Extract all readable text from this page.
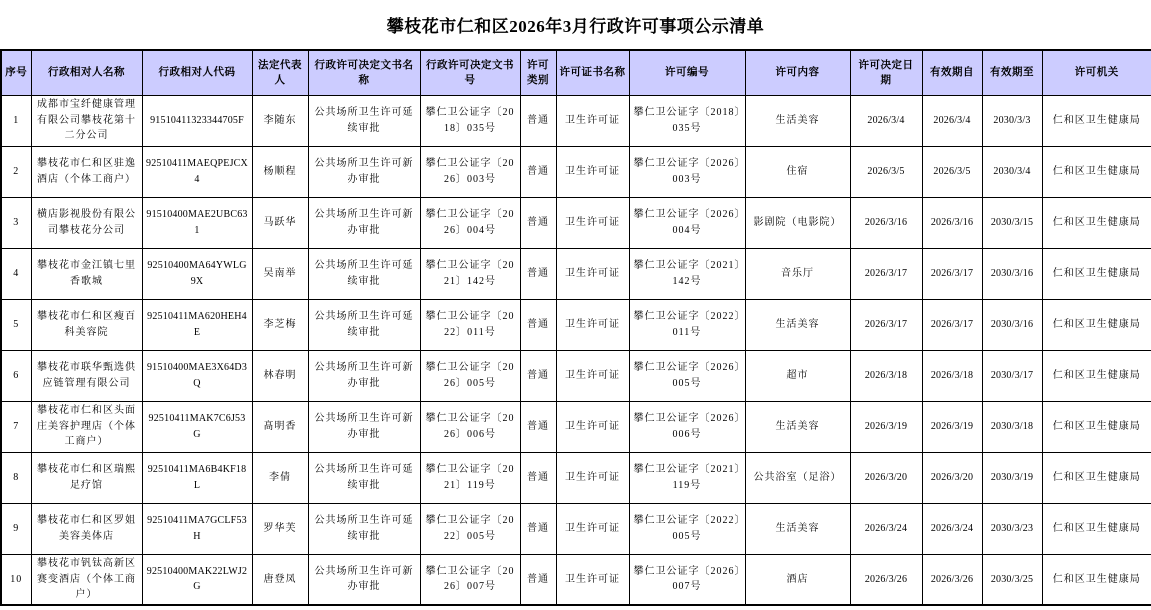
攀枝花市仁和区2026年3月行政许可事项公示清单
序号	行政相对人名称	行政相对人代码	法定代表人	行政许可决定文书名称	行政许可决定文书号	许可类别	许可证书名称	许可编号	许可内容	许可决定日期	有效期自	有效期至	许可机关
1	成都市宝纤健康管理有限公司攀枝花第十二分公司	91510411323344705F	李随东	公共场所卫生许可延续审批	攀仁卫公证字〔2018〕035号	普通	卫生许可证	攀仁卫公证字〔2018〕035号	生活美容	2026/3/4	2026/3/4	2030/3/3	仁和区卫生健康局
2	攀枝花市仁和区驻逸酒店（个体工商户）	92510411MAEQPEJCX4	杨顺程	公共场所卫生许可新办审批	攀仁卫公证字〔2026〕003号	普通	卫生许可证	攀仁卫公证字〔2026〕003号	住宿	2026/3/5	2026/3/5	2030/3/4	仁和区卫生健康局
3	横店影视股份有限公司攀枝花分公司	91510400MAE2UBC631	马跃华	公共场所卫生许可新办审批	攀仁卫公证字〔2026〕004号	普通	卫生许可证	攀仁卫公证字〔2026〕004号	影剧院（电影院）	2026/3/16	2026/3/16	2030/3/15	仁和区卫生健康局
4	攀枝花市金江镇七里香歌城	92510400MA64YWLG9X	吴南举	公共场所卫生许可延续审批	攀仁卫公证字〔2021〕142号	普通	卫生许可证	攀仁卫公证字〔2021〕142号	音乐厅	2026/3/17	2026/3/17	2030/3/16	仁和区卫生健康局
5	攀枝花市仁和区瘦百科美容院	92510411MA620HEH4E	李芝梅	公共场所卫生许可延续审批	攀仁卫公证字〔2022〕011号	普通	卫生许可证	攀仁卫公证字〔2022〕011号	生活美容	2026/3/17	2026/3/17	2030/3/16	仁和区卫生健康局
6	攀枝花市联华甄选供应链管理有限公司	91510400MAE3X64D3Q	林春明	公共场所卫生许可新办审批	攀仁卫公证字〔2026〕005号	普通	卫生许可证	攀仁卫公证字〔2026〕005号	超市	2026/3/18	2026/3/18	2030/3/17	仁和区卫生健康局
7	攀枝花市仁和区头面庄美容护理店（个体工商户）	92510411MAK7C6J53G	髙明香	公共场所卫生许可新办审批	攀仁卫公证字〔2026〕006号	普通	卫生许可证	攀仁卫公证字〔2026〕006号	生活美容	2026/3/19	2026/3/19	2030/3/18	仁和区卫生健康局
8	攀枝花市仁和区瑞熙足疗馆	92510411MA6B4KF18L	李倩	公共场所卫生许可延续审批	攀仁卫公证字〔2021〕119号	普通	卫生许可证	攀仁卫公证字〔2021〕119号	公共浴室（足浴）	2026/3/20	2026/3/20	2030/3/19	仁和区卫生健康局
9	攀枝花市仁和区罗姐美容美体店	92510411MA7GCLF53H	罗华芙	公共场所卫生许可延续审批	攀仁卫公证字〔2022〕005号	普通	卫生许可证	攀仁卫公证字〔2022〕005号	生活美容	2026/3/24	2026/3/24	2030/3/23	仁和区卫生健康局
10	攀枝花市钒钛高新区赛变酒店（个体工商户）	92510400MAK22LWJ2G	唐登凤	公共场所卫生许可新办审批	攀仁卫公证字〔2026〕007号	普通	卫生许可证	攀仁卫公证字〔2026〕007号	酒店	2026/3/26	2026/3/26	2030/3/25	仁和区卫生健康局
